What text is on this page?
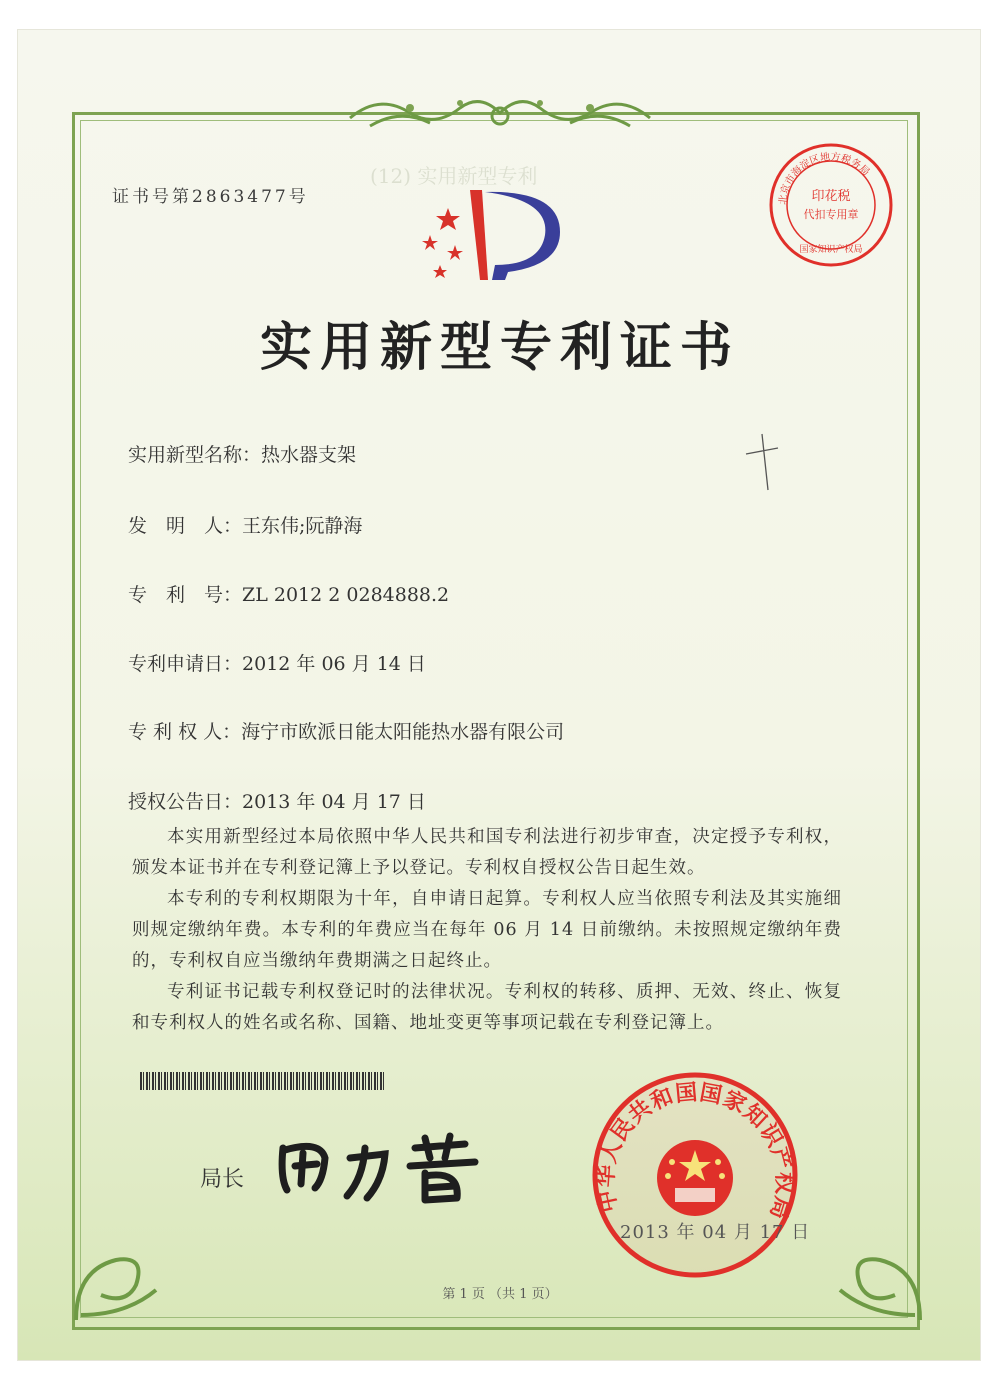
(12) 实用新型专利
证书号第2863477号
实用新型专利证书
实用新型名称：热水器支架
发　明　人：王东伟;阮静海
专　利　号：ZL 2012 2 0284888.2
专利申请日：2012 年 06 月 14 日
专 利 权 人：海宁市欧派日能太阳能热水器有限公司
授权公告日：2013 年 04 月 17 日

本实用新型经过本局依照中华人民共和国专利法进行初步审查，决定授予专利权，颁发本证书并在专利登记簿上予以登记。专利权自授权公告日起生效。

本专利的专利权期限为十年，自申请日起算。专利权人应当依照专利法及其实施细则规定缴纳年费。本专利的年费应当在每年 06 月 14 日前缴纳。未按照规定缴纳年费的，专利权自应当缴纳年费期满之日起终止。

专利证书记载专利权登记时的法律状况。专利权的转移、质押、无效、终止、恢复和专利权人的姓名或名称、国籍、地址变更等事项记载在专利登记簿上。

局长
北京市海淀区地方税务局
印花税
代扣专用章
国家知识产权局
中华人民共和国国家知识产权局
2013 年 04 月 17 日
第 1 页 （共 1 页）
